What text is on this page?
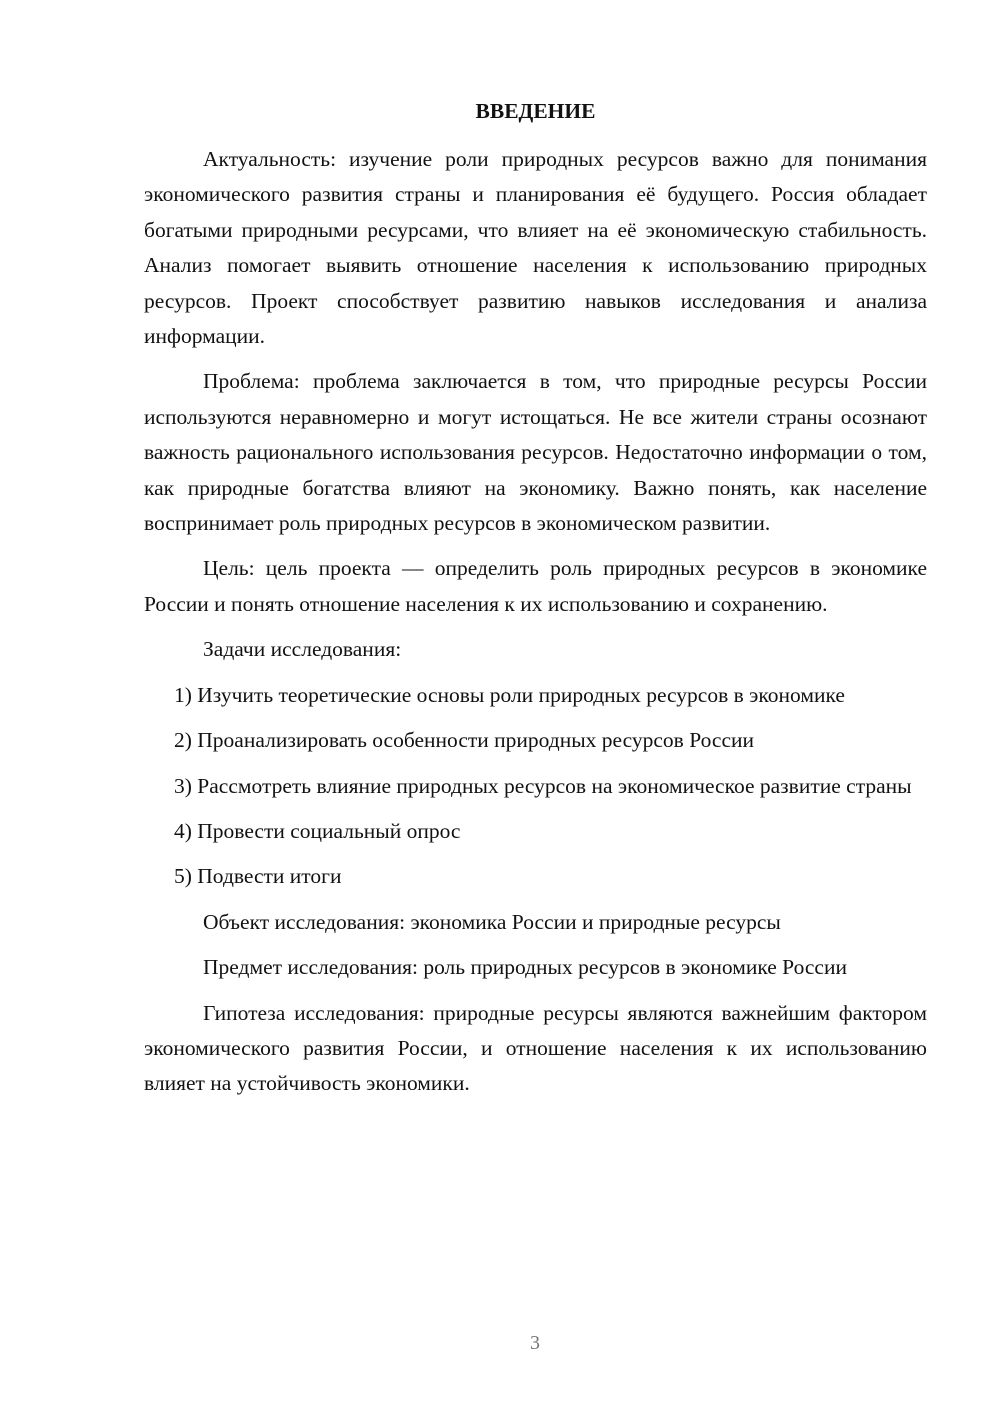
ВВЕДЕНИЕ
Актуальность: изучение роли природных ресурсов важно для понимания экономического развития страны и планирования её будущего. Россия обладает богатыми природными ресурсами, что влияет на её экономическую стабильность. Анализ помогает выявить отношение населения к использованию природных ресурсов. Проект способствует развитию навыков исследования и анализа информации.
Проблема: проблема заключается в том, что природные ресурсы России используются неравномерно и могут истощаться. Не все жители страны осознают важность рационального использования ресурсов. Недостаточно информации о том, как природные богатства влияют на экономику. Важно понять, как население воспринимает роль природных ресурсов в экономическом развитии.
Цель: цель проекта — определить роль природных ресурсов в экономике России и понять отношение населения к их использованию и сохранению.
Задачи исследования:
1) Изучить теоретические основы роли природных ресурсов в экономике
2) Проанализировать особенности природных ресурсов России
3) Рассмотреть влияние природных ресурсов на экономическое развитие страны
4) Провести социальный опрос
5) Подвести итоги
Объект исследования: экономика России и природные ресурсы
Предмет исследования: роль природных ресурсов в экономике России
Гипотеза исследования: природные ресурсы являются важнейшим фактором экономического развития России, и отношение населения к их использованию влияет на устойчивость экономики.
3
